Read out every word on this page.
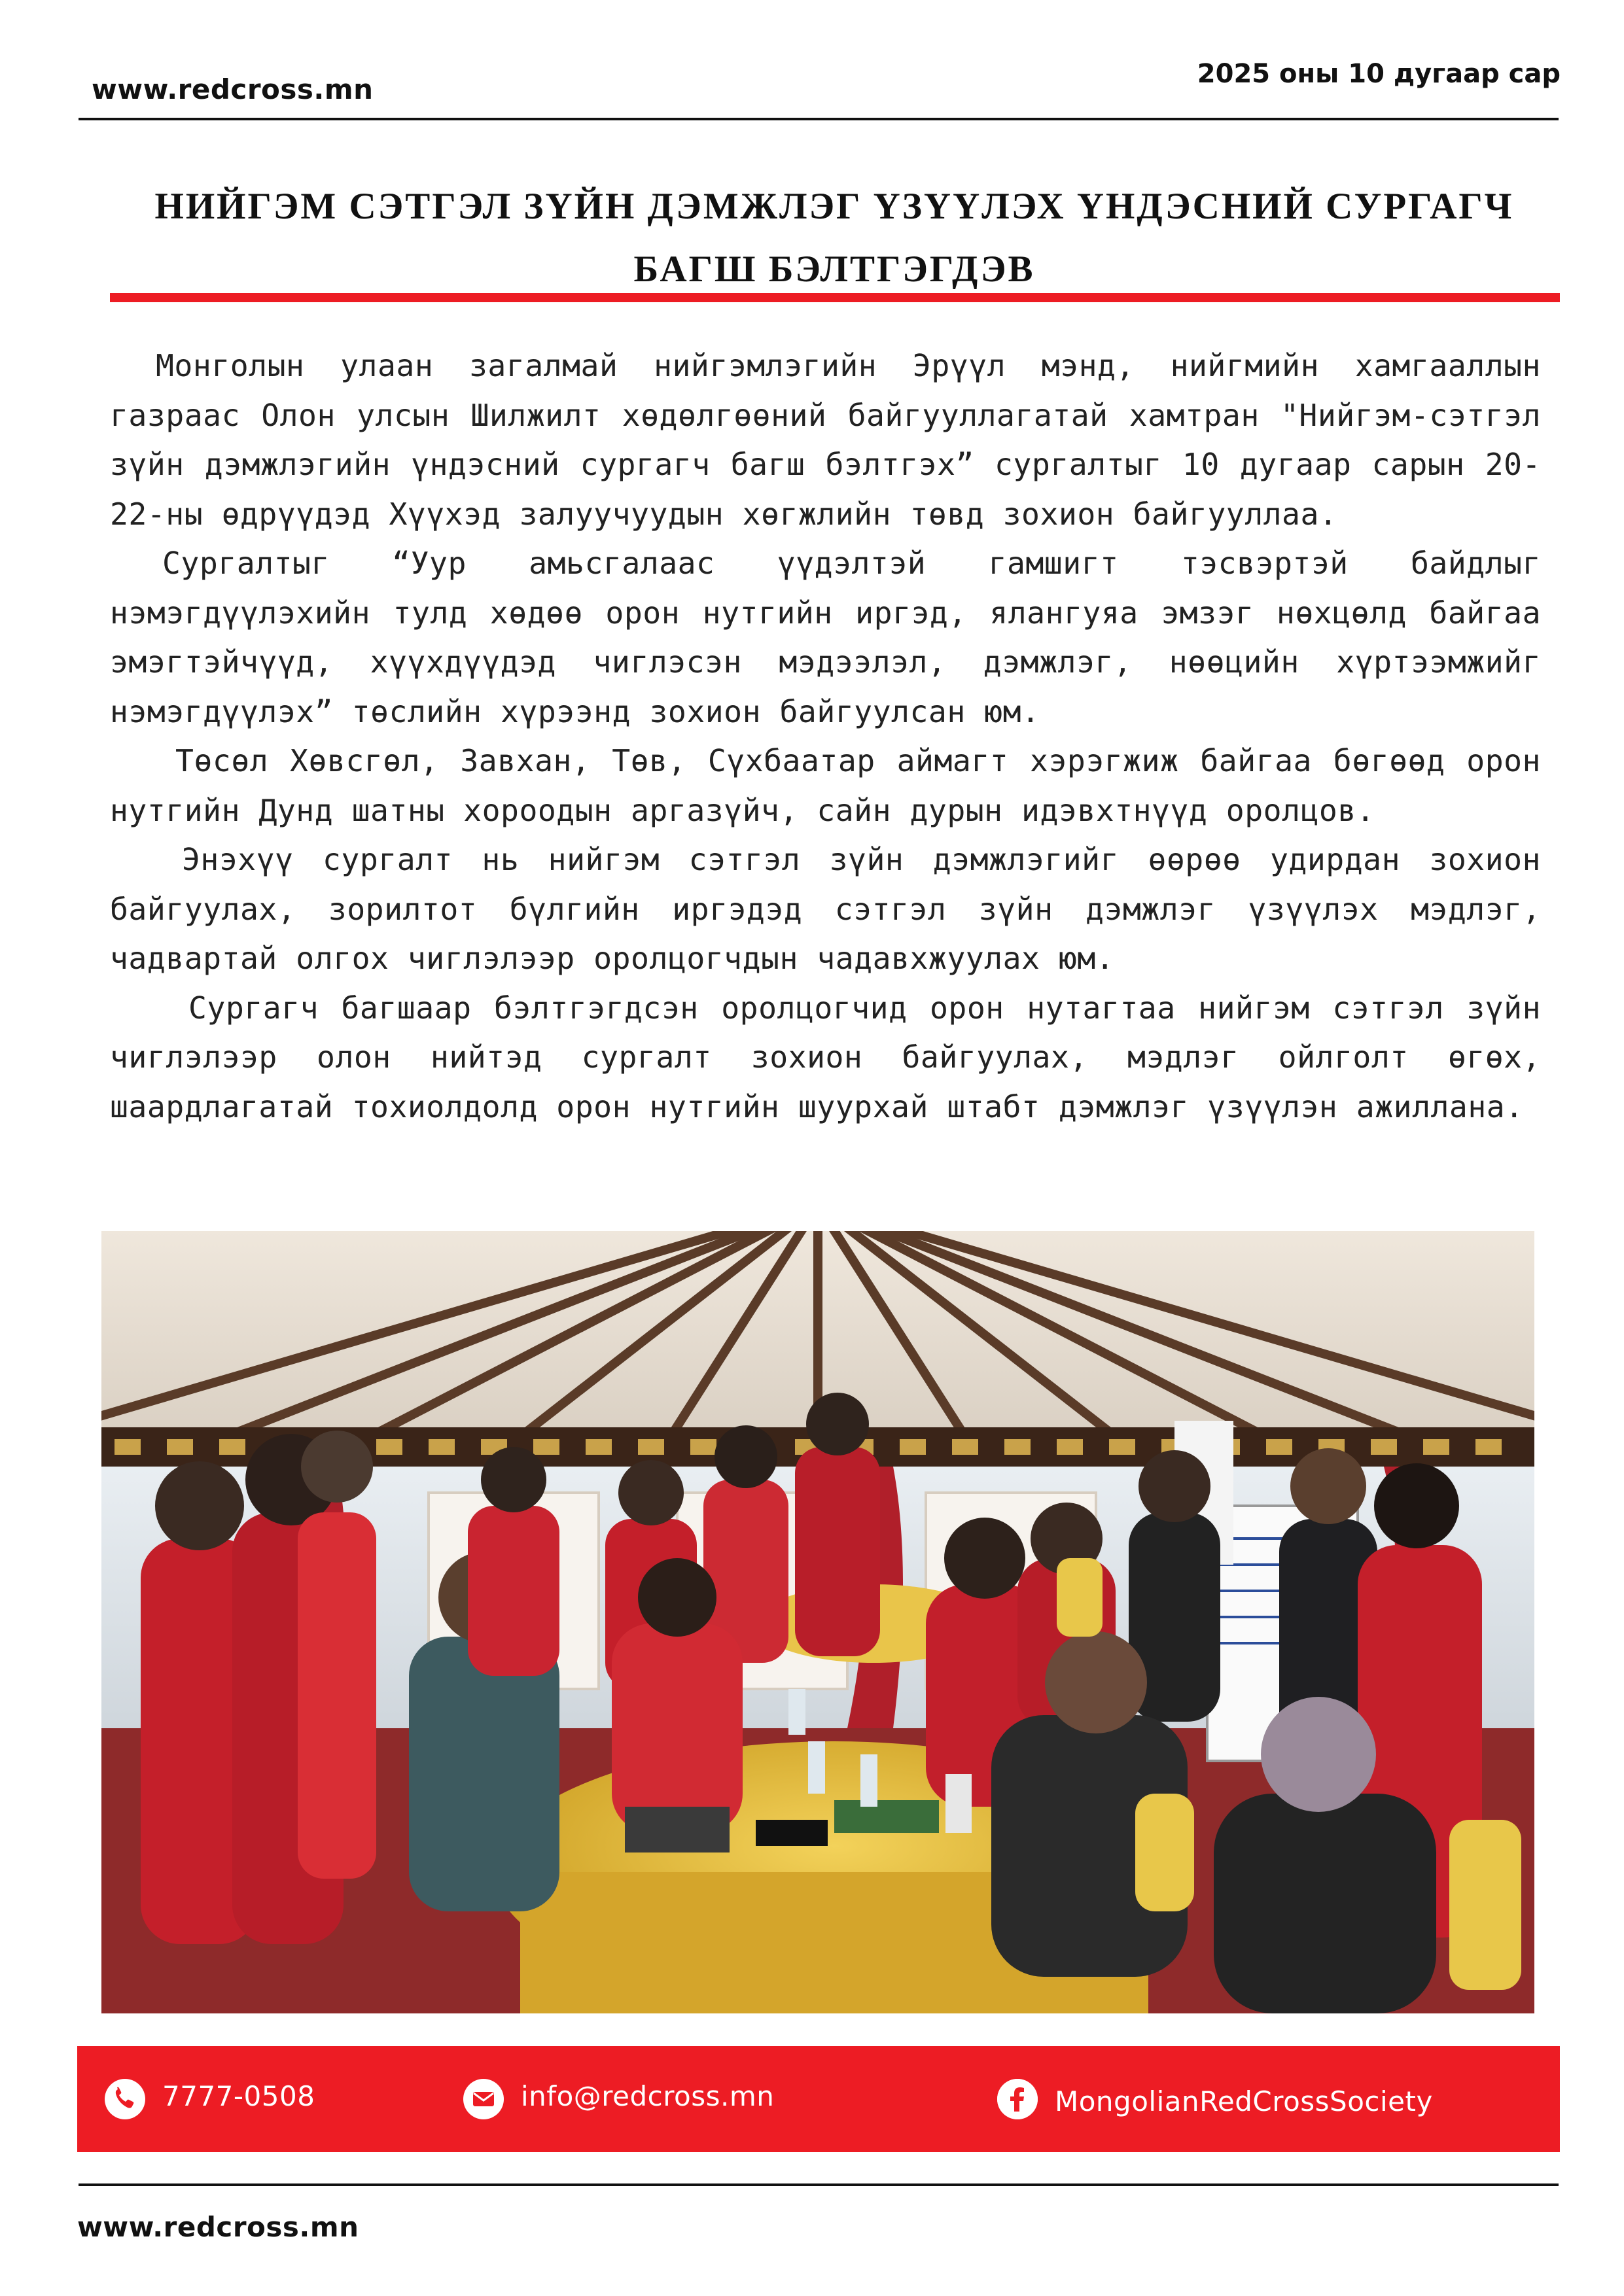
www.redcross.mn	2025 оны 10 дугаар сар
НИЙГЭМ СЭТГЭЛ ЗҮЙН ДЭМЖЛЭГ ҮЗҮҮЛЭХ ҮНДЭСНИЙ СУРГАГЧ БАГШ БЭЛТГЭГДЭВ

Монголын улаан загалмай нийгэмлэгийн Эрүүл мэнд, нийгмийн хамгааллын газраас Олон улсын Шилжилт хөдөлгөөний байгууллагатай хамтран "Нийгэм-сэтгэл зүйн дэмжлэгийн үндэсний сургагч багш бэлтгэх” сургалтыг 10 дугаар сарын 20-22-ны өдрүүдэд Хүүхэд залуучуудын хөгжлийн төвд зохион байгууллаа.

Сургалтыг “Уур амьсгалаас үүдэлтэй гамшигт тэсвэртэй байдлыг нэмэгдүүлэхийн тулд хөдөө орон нутгийн иргэд, ялангуяа эмзэг нөхцөлд байгаа эмэгтэйчүүд, хүүхдүүдэд чиглэсэн мэдээлэл, дэмжлэг, нөөцийн хүртээмжийг нэмэгдүүлэх” төслийн хүрээнд зохион байгуулсан юм.

Төсөл Хөвсгөл, Завхан, Төв, Сүхбаатар аймагт хэрэгжиж байгаа бөгөөд орон нутгийн Дунд шатны хороодын аргазүйч, сайн дурын идэвхтнүүд оролцов.

Энэхүү сургалт нь нийгэм сэтгэл зүйн дэмжлэгийг өөрөө удирдан зохион байгуулах, зорилтот бүлгийн иргэдэд сэтгэл зүйн дэмжлэг үзүүлэх мэдлэг, чадвартай олгох чиглэлээр оролцогчдын чадавхжуулах юм.

Сургагч багшаар бэлтгэгдсэн оролцогчид орон нутагтаа нийгэм сэтгэл зүйн чиглэлээр олон нийтэд сургалт зохион байгуулах, мэдлэг ойлголт өгөх, шаардлагатай тохиолдолд орон нутгийн шуурхай штабт дэмжлэг үзүүлэн ажиллана.

7777-0508	info@redcross.mn	MongolianRedCrossSociety
www.redcross.mn
